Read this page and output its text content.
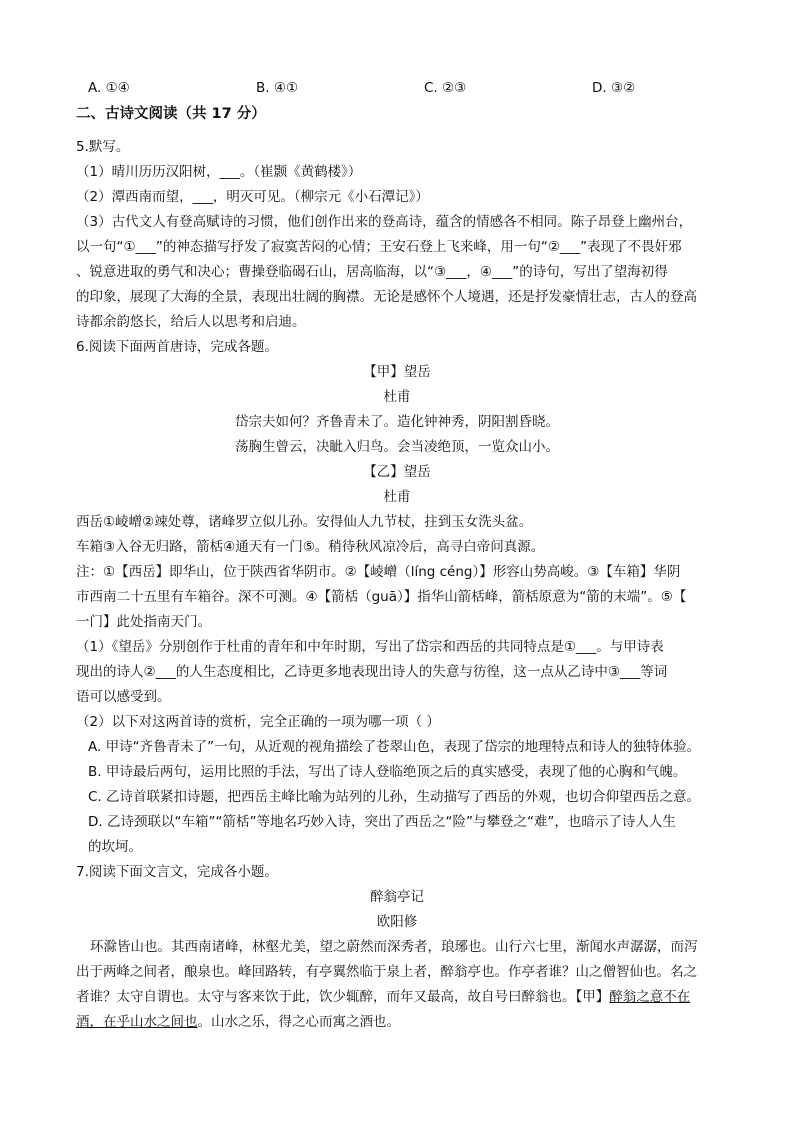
A. ①④	B. ④①	C. ②③	D. ③②
二、古诗文阅读（共 17 分）
5.默写。
（1）晴川历历汉阳树，___。（崔颢《黄鹤楼》）
（2）潭西南而望，___，明灭可见。（柳宗元《小石潭记》）
（3）古代文人有登高赋诗的习惯，他们创作出来的登高诗，蕴含的情感各不相同。陈子昂登上幽州台，
以一句“①___”的神态描写抒发了寂寞苦闷的心情；王安石登上飞来峰，用一句“②___”表现了不畏奸邪
、锐意进取的勇气和决心；曹操登临碣石山，居高临海，以“③___，④___”的诗句，写出了望海初得
的印象，展现了大海的全景，表现出壮阔的胸襟。无论是感怀个人境遇，还是抒发豪情壮志，古人的登高
诗都余韵悠长，给后人以思考和启迪。
6.阅读下面两首唐诗，完成各题。
【甲】望岳
杜甫
岱宗夫如何？齐鲁青未了。造化钟神秀，阴阳割昏晓。
荡胸生曾云，决眦入归鸟。会当凌绝顶，一览众山小。
【乙】望岳
杜甫
西岳①崚嶒②竦处尊，诸峰罗立似儿孙。安得仙人九节杖，拄到玉女洗头盆。
车箱③入谷无归路，箭栝④通天有一门⑤。稍待秋风凉冷后，高寻白帝问真源。
注：①【西岳】即华山，位于陕西省华阴市。②【崚嶒（líng céng）】形容山势高峻。③【车箱】华阴
市西南二十五里有车箱谷。深不可测。④【箭栝（guā）】指华山箭栝峰，箭栝原意为“箭的末端”。⑤【
一门】此处指南天门。
（1）《望岳》分别创作于杜甫的青年和中年时期，写出了岱宗和西岳的共同特点是①___。与甲诗表
现出的诗人②___的人生态度相比，乙诗更多地表现出诗人的失意与彷徨，这一点从乙诗中③___等词
语可以感受到。
（2）以下对这两首诗的赏析，完全正确的一项为哪一项（ ）
A. 甲诗“齐鲁青未了”一句，从近观的视角描绘了苍翠山色，表现了岱宗的地理特点和诗人的独特体验。
B. 甲诗最后两句，运用比照的手法，写出了诗人登临绝顶之后的真实感受，表现了他的心胸和气魄。
C. 乙诗首联紧扣诗题，把西岳主峰比喻为站列的儿孙，生动描写了西岳的外观，也切合仰望西岳之意。
D. 乙诗颈联以“车箱”“箭栝”等地名巧妙入诗，突出了西岳之“险”与攀登之“难”，也暗示了诗人人生
的坎坷。
7.阅读下面文言文，完成各小题。
醉翁亭记
欧阳修
环滁皆山也。其西南诸峰，林壑尤美，望之蔚然而深秀者，琅琊也。山行六七里，渐闻水声潺潺，而泻
出于两峰之间者，酿泉也。峰回路转，有亭翼然临于泉上者，醉翁亭也。作亭者谁？山之僧智仙也。名之
者谁？太守自谓也。太守与客来饮于此，饮少辄醉，而年又最高，故自号曰醉翁也。【甲】醉翁之意不在
酒，在乎山水之间也。山水之乐，得之心而寓之酒也。
